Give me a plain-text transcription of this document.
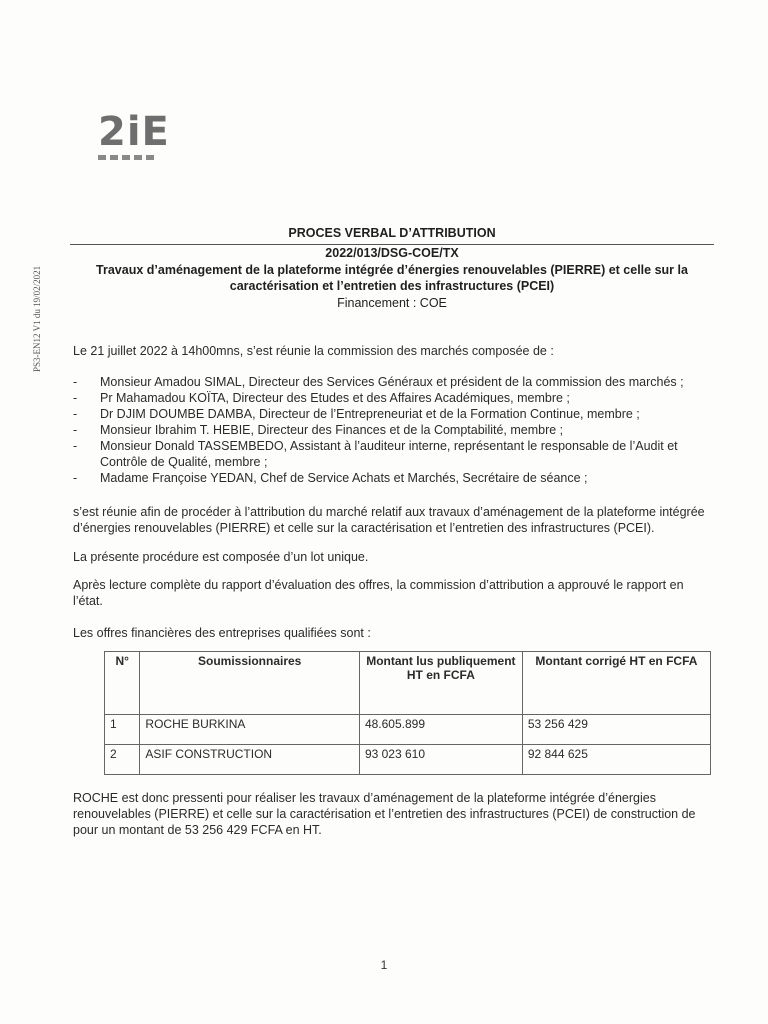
2iE
PS3-EN12 V1 du 19/02/2021
PROCES VERBAL D’ATTRIBUTION
2022/013/DSG-COE/TX
Travaux d’aménagement de la plateforme intégrée d’énergies renouvelables (PIERRE) et celle sur la
caractérisation et l’entretien des infrastructures (PCEI)
Financement : COE
Le 21 juillet 2022 à 14h00mns, s’est réunie la commission des marchés composée de :
- Monsieur Amadou SIMAL, Directeur des Services Généraux et président de la commission des marchés ;
- Pr Mahamadou KOÏTA, Directeur des Etudes et des Affaires Académiques, membre ;
- Dr DJIM DOUMBE DAMBA, Directeur de l’Entrepreneuriat et de la Formation Continue, membre ;
- Monsieur Ibrahim T. HEBIE, Directeur des Finances et de la Comptabilité, membre ;
- Monsieur Donald TASSEMBEDO, Assistant à l’auditeur interne, représentant le responsable de l’Audit et Contrôle de Qualité, membre ;
- Madame Françoise YEDAN, Chef de Service Achats et Marchés, Secrétaire de séance ;
s’est réunie afin de procéder à l’attribution du marché relatif aux travaux d’aménagement de la plateforme intégrée d’énergies renouvelables (PIERRE) et celle sur la caractérisation et l’entretien des infrastructures (PCEI).
La présente procédure est composée d’un lot unique.
Après lecture complète du rapport d’évaluation des offres, la commission d’attribution a approuvé le rapport en l’état.
Les offres financières des entreprises qualifiées sont :
N°	Soumissionnaires	Montant lus publiquement HT en FCFA	Montant corrigé HT en FCFA
1	ROCHE BURKINA	48.605.899	53 256 429
2	ASIF CONSTRUCTION	93 023 610	92 844 625
ROCHE est donc pressenti pour réaliser les travaux d’aménagement de la plateforme intégrée d’énergies renouvelables (PIERRE) et celle sur la caractérisation et l’entretien des infrastructures (PCEI) de construction de pour un montant de 53 256 429 FCFA en HT.
1
